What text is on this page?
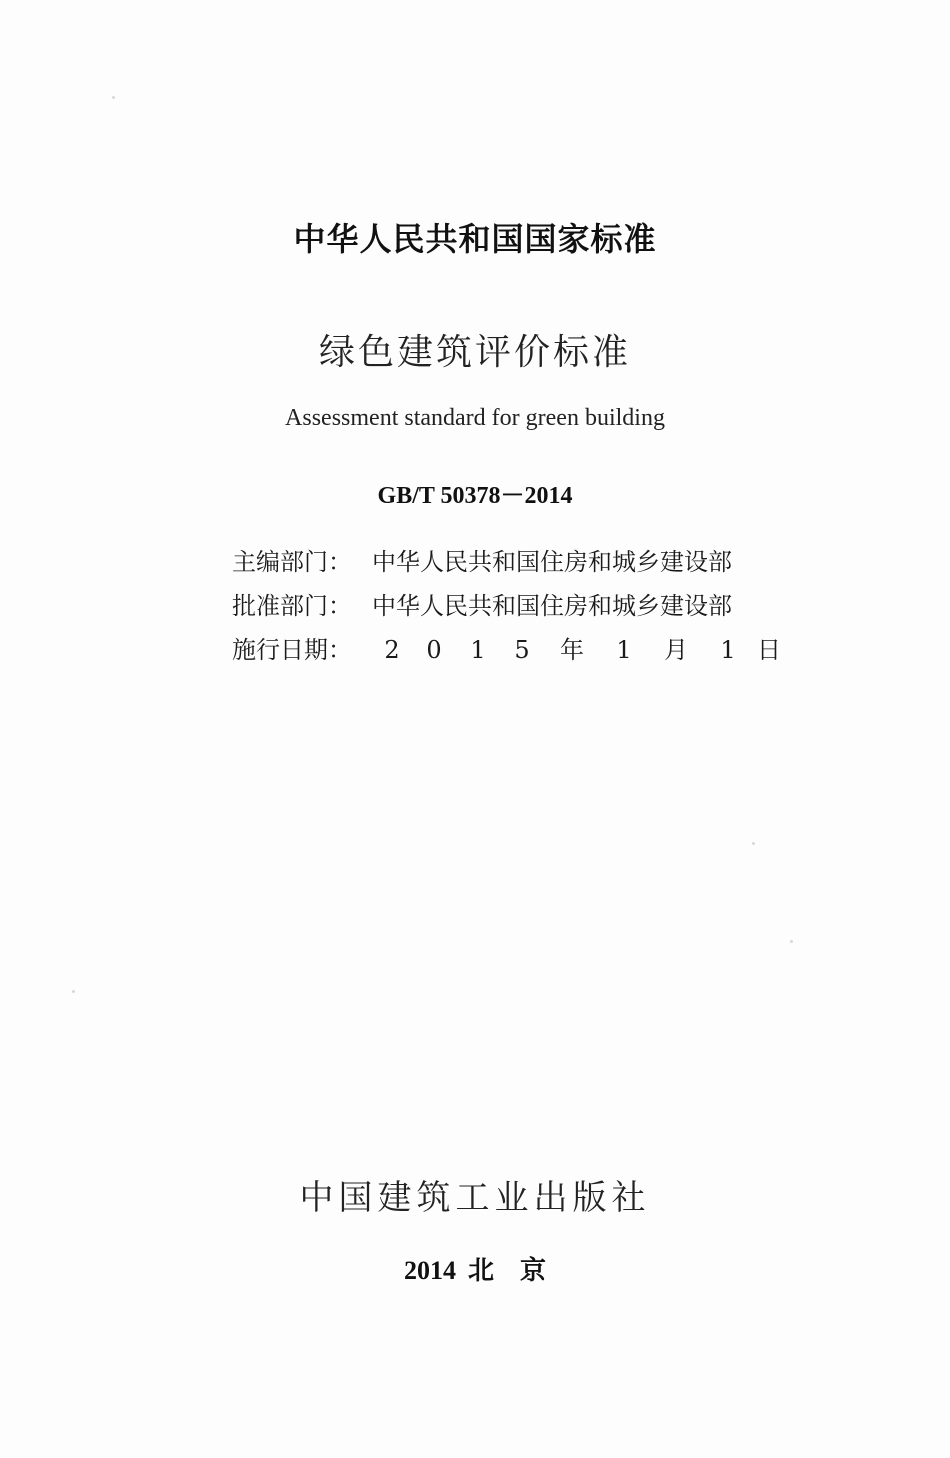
中华人民共和国国家标准
绿色建筑评价标准
Assessment standard for green building
GB/T 50378－2014
主编部门： 中华人民共和国住房和城乡建设部
批准部门： 中华人民共和国住房和城乡建设部
施行日期： 2 0 1 5 年 1 月 1 日
中国建筑工业出版社
2014 北　京
